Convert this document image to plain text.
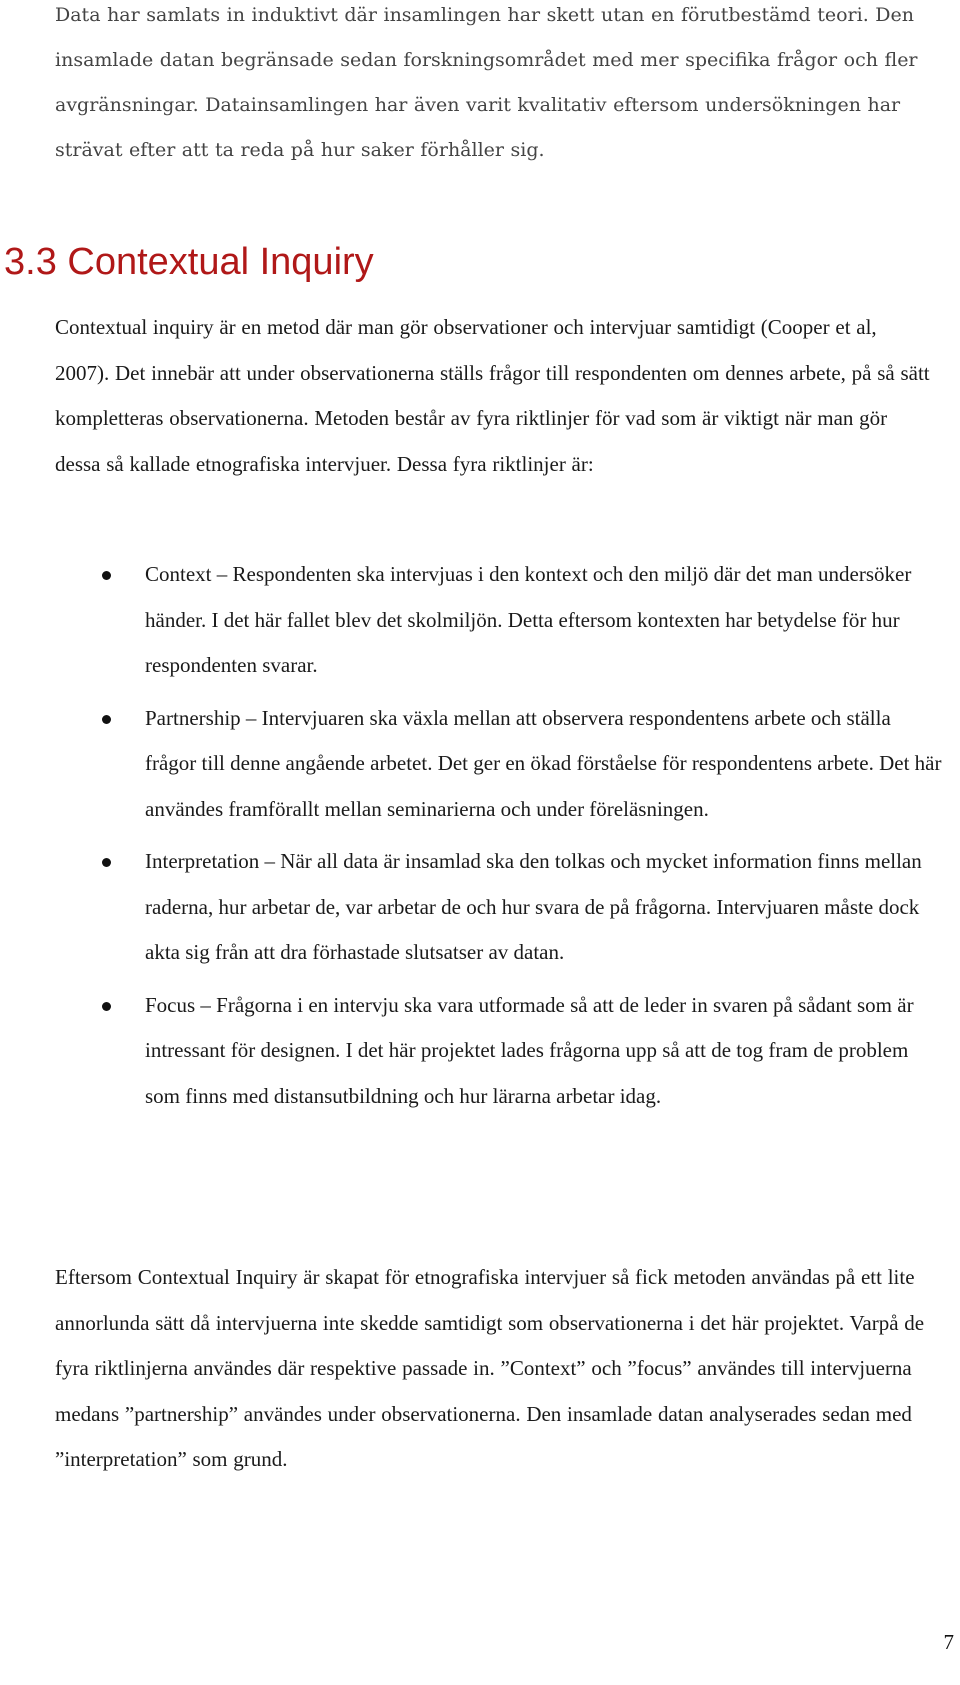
Data har samlats in induktivt där insamlingen har skett utan en förutbestämd teori. Den insamlade datan begränsade sedan forskningsområdet med mer specifika frågor och fler avgränsningar. Datainsamlingen har även varit kvalitativ eftersom undersökningen har strävat efter att ta reda på hur saker förhåller sig.

3.3 Contextual Inquiry

Contextual inquiry är en metod där man gör observationer och intervjuar samtidigt (Cooper et al, 2007). Det innebär att under observationerna ställs frågor till respondenten om dennes arbete, på så sätt kompletteras observationerna. Metoden består av fyra riktlinjer för vad som är viktigt när man gör dessa så kallade etnografiska intervjuer. Dessa fyra riktlinjer är:

Context – Respondenten ska intervjuas i den kontext och den miljö där det man undersöker händer. I det här fallet blev det skolmiljön. Detta eftersom kontexten har betydelse för hur respondenten svarar.
Partnership – Intervjuaren ska växla mellan att observera respondentens arbete och ställa frågor till denne angående arbetet. Det ger en ökad förståelse för respondentens arbete. Det här användes framförallt mellan seminarierna och under föreläsningen.
Interpretation – När all data är insamlad ska den tolkas och mycket information finns mellan raderna, hur arbetar de, var arbetar de och hur svara de på frågorna. Intervjuaren måste dock akta sig från att dra förhastade slutsatser av datan.
Focus – Frågorna i en intervju ska vara utformade så att de leder in svaren på sådant som är intressant för designen. I det här projektet lades frågorna upp så att de tog fram de problem som finns med distansutbildning och hur lärarna arbetar idag.

Eftersom Contextual Inquiry är skapat för etnografiska intervjuer så fick metoden användas på ett lite annorlunda sätt då intervjuerna inte skedde samtidigt som observationerna i det här projektet. Varpå de fyra riktlinjerna användes där respektive passade in. ”Context” och ”focus” användes till intervjuerna medans ”partnership” användes under observationerna. Den insamlade datan analyserades sedan med ”interpretation” som grund.

7
